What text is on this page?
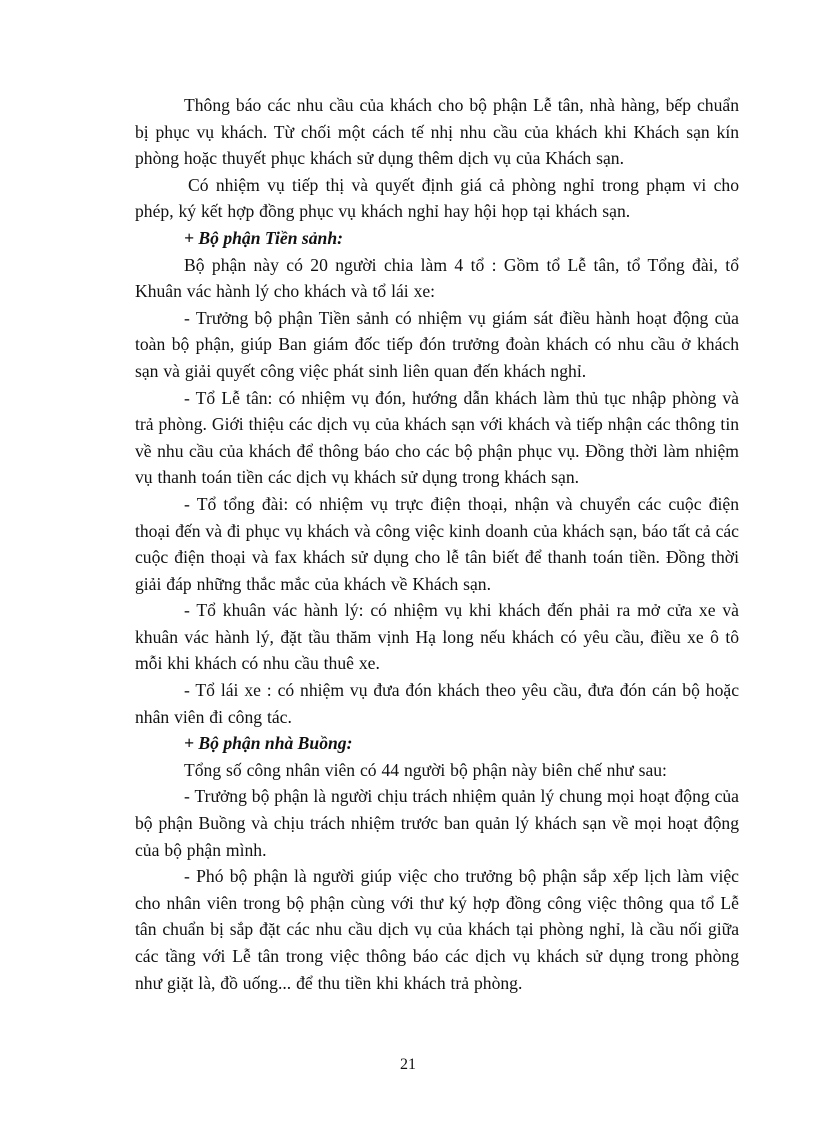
Thông báo các nhu cầu của khách cho bộ phận Lễ tân, nhà hàng, bếp chuẩn bị phục vụ khách. Từ chối một cách tế nhị nhu cầu của khách khi Khách sạn kín phòng hoặc thuyết phục khách sử dụng thêm dịch vụ của Khách sạn.

Có nhiệm vụ tiếp thị và quyết định giá cả phòng nghỉ trong phạm vi cho phép, ký kết hợp đồng phục vụ khách nghỉ hay hội họp tại khách sạn.

+ Bộ phận Tiền sảnh:

Bộ phận này có 20 người chia làm 4 tổ : Gồm tổ Lễ tân, tổ Tổng đài, tổ Khuân vác hành lý cho khách và tổ lái xe:

- Trưởng bộ phận Tiền sảnh có nhiệm vụ giám sát điều hành hoạt động của toàn bộ phận, giúp Ban giám đốc tiếp đón trưởng đoàn khách có nhu cầu ở khách sạn và giải quyết công việc phát sinh liên quan đến khách nghỉ.

- Tổ Lễ tân: có nhiệm vụ đón, hướng dẫn khách làm thủ tục nhập phòng và trả phòng. Giới thiệu các dịch vụ của khách sạn với khách và tiếp nhận các thông tin về nhu cầu của khách để thông báo cho các bộ phận phục vụ. Đồng thời làm nhiệm vụ thanh toán tiền các dịch vụ khách sử dụng trong khách sạn.

- Tổ tổng đài: có nhiệm vụ trực điện thoại, nhận và chuyển các cuộc điện thoại đến và đi phục vụ khách và công việc kinh doanh của khách sạn, báo tất cả các cuộc điện thoại và fax khách sử dụng cho lễ tân biết để thanh toán tiền. Đồng thời giải đáp những thắc mắc của khách về Khách sạn.

- Tổ khuân vác hành lý: có nhiệm vụ khi khách đến phải ra mở cửa xe và khuân vác hành lý, đặt tầu thăm vịnh Hạ long nếu khách có yêu cầu, điều xe ô tô mỗi khi khách có nhu cầu thuê xe.

- Tổ lái xe : có nhiệm vụ đưa đón khách theo yêu cầu, đưa đón cán bộ hoặc nhân viên đi công tác.

+ Bộ phận nhà Buồng:

Tổng số công nhân viên có 44 người bộ phận này biên chế như sau:

- Trưởng bộ phận là người chịu trách nhiệm quản lý chung mọi hoạt động của bộ phận Buồng và chịu trách nhiệm trước ban quản lý khách sạn về mọi hoạt động của bộ phận mình.

- Phó bộ phận là người giúp việc cho trưởng bộ phận sắp xếp lịch làm việc cho nhân viên trong bộ phận cùng với thư ký hợp đồng công việc thông qua tổ Lễ tân chuẩn bị sắp đặt các nhu cầu dịch vụ của khách tại phòng nghỉ, là cầu nối giữa các tầng với Lễ tân trong việc thông báo các dịch vụ khách sử dụng trong phòng như giặt là, đồ uống... để thu tiền khi khách trả phòng.

21
